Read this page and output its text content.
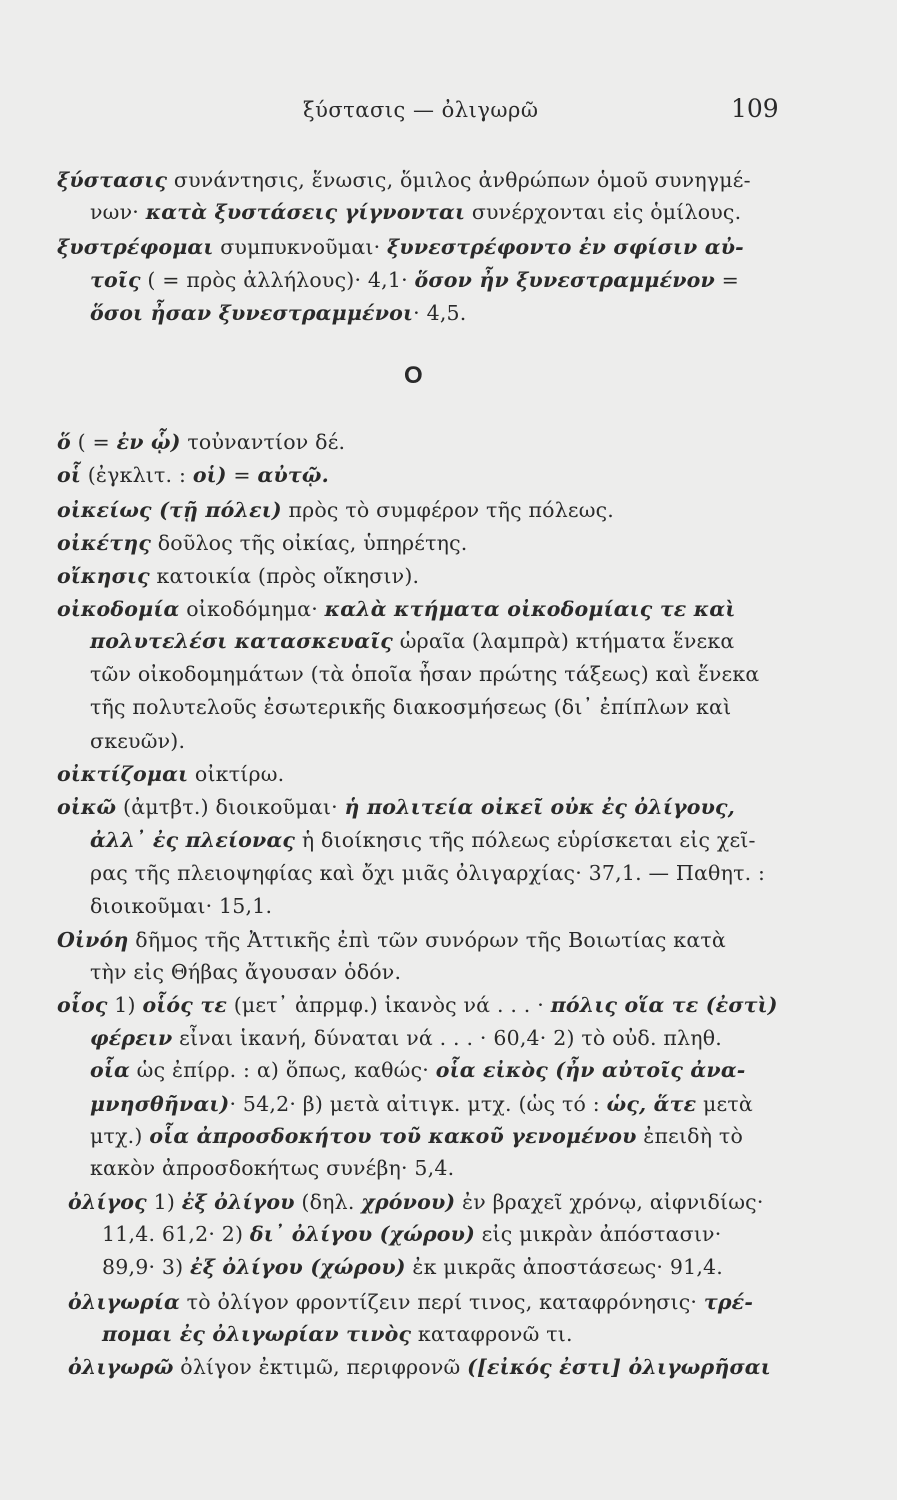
ξύστασις — ὀλιγωρῶ	109
Ο
ξύστασις συνάντησις, ἕνωσις, ὅμιλος ἀνθρώπων ὁμοῦ συνηγμέ-
νων· κατὰ ξυστάσεις γίγνονται συνέρχονται εἰς ὁμίλους.
ξυστρέφομαι συμπυκνοῦμαι· ξυνεστρέφοντο ἐν σφίσιν αὐ-
τοῖς ( = πρὸς ἀλλήλους)· 4,1· ὅσον ἦν ξυνεστραμμένον =
ὅσοι ἦσαν ξυνεστραμμένοι· 4,5.
ὅ ( = ἐν ᾧ) τοὐναντίον δέ.
οἷ (ἐγκλιτ. : οἱ) = αὐτῷ.
οἰκείως (τῇ πόλει) πρὸς τὸ συμφέρον τῆς πόλεως.
οἰκέτης δοῦλος τῆς οἰκίας, ὑπηρέτης.
οἴκησις κατοικία (πρὸς οἴκησιν).
οἰκοδομία οἰκοδόμημα· καλὰ κτήματα οἰκοδομίαις τε καὶ
πολυτελέσι κατασκευαῖς ὡραῖα (λαμπρὰ) κτήματα ἕνεκα
τῶν οἰκοδομημάτων (τὰ ὁποῖα ἦσαν πρώτης τάξεως) καὶ ἕνεκα
τῆς πολυτελοῦς ἐσωτερικῆς διακοσμήσεως (δι᾿ ἐπίπλων καὶ
σκευῶν).
οἰκτίζομαι οἰκτίρω.
οἰκῶ (ἀμτβτ.) διοικοῦμαι· ἡ πολιτεία οἰκεῖ οὐκ ἐς ὀλίγους,
ἀλλ᾿ ἐς πλείονας ἡ διοίκησις τῆς πόλεως εὑρίσκεται εἰς χεῖ-
ρας τῆς πλειοψηφίας καὶ ὄχι μιᾶς ὀλιγαρχίας· 37,1. — Παθητ. :
διοικοῦμαι· 15,1.
Οἰνόη δῆμος τῆς Ἀττικῆς ἐπὶ τῶν συνόρων τῆς Βοιωτίας κατὰ
τὴν εἰς Θήβας ἄγουσαν ὁδόν.
οἷος 1) οἷός τε (μετ᾿ ἀπρμφ.) ἱκανὸς νά . . . · πόλις οἵα τε (ἐστὶ)
φέρειν εἶναι ἱκανή, δύναται νά . . . · 60,4· 2) τὸ οὐδ. πληθ.
οἷα ὡς ἐπίρρ. : α) ὅπως, καθώς· οἷα εἰκὸς (ἦν αὐτοῖς ἀνα-
μνησθῆναι)· 54,2· β) μετὰ αἰτιγκ. μτχ. (ὡς τό : ὡς, ἅτε μετὰ
μτχ.) οἷα ἀπροσδοκήτου τοῦ κακοῦ γενομένου ἐπειδὴ τὸ
κακὸν ἀπροσδοκήτως συνέβη· 5,4.
ὀλίγος 1) ἐξ ὀλίγου (δηλ. χρόνου) ἐν βραχεῖ χρόνῳ, αἰφνιδίως·
11,4. 61,2· 2) δι᾿ ὀλίγου (χώρου) εἰς μικρὰν ἀπόστασιν·
89,9· 3) ἐξ ὀλίγου (χώρου) ἐκ μικρᾶς ἀποστάσεως· 91,4.
ὀλιγωρία τὸ ὀλίγον φροντίζειν περί τινος, καταφρόνησις· τρέ-
πομαι ἐς ὀλιγωρίαν τινὸς καταφρονῶ τι.
ὀλιγωρῶ ὀλίγον ἐκτιμῶ, περιφρονῶ ([εἰκός ἐστι] ὀλιγωρῆσαι
